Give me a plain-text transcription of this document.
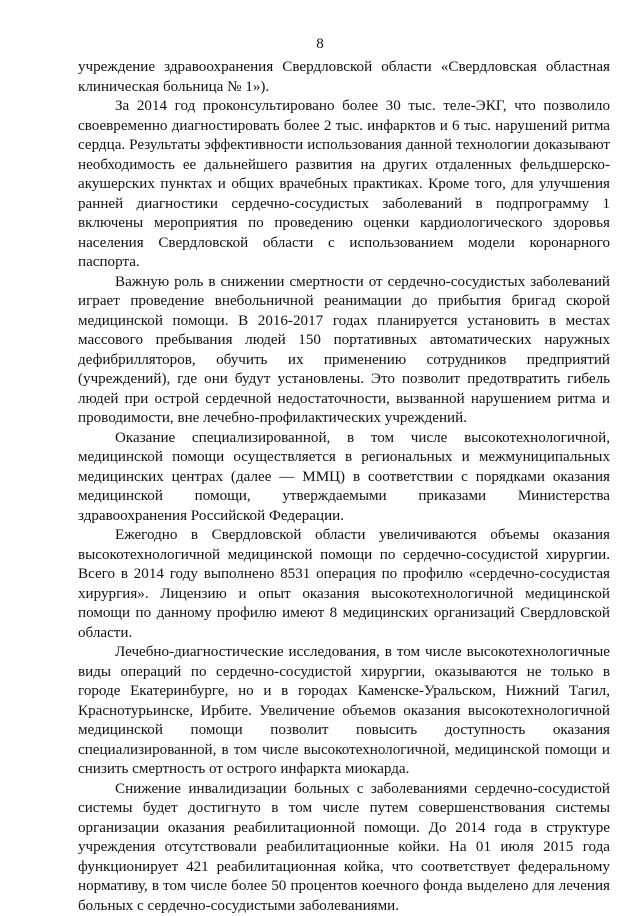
8

учреждение здравоохранения Свердловской области «Свердловская областная клиническая больница № 1»).

За 2014 год проконсультировано более 30 тыс. теле-ЭКГ, что позволило своевременно диагностировать более 2 тыс. инфарктов и 6 тыс. нарушений ритма сердца. Результаты эффективности использования данной технологии доказывают необходимость ее дальнейшего развития на других отдаленных фельдшерско-акушерских пунктах и общих врачебных практиках. Кроме того, для улучшения ранней диагностики сердечно-сосудистых заболеваний в подпрограмму 1 включены мероприятия по проведению оценки кардиологического здоровья населения Свердловской области с использованием модели коронарного паспорта.

Важную роль в снижении смертности от сердечно-сосудистых заболеваний играет проведение внебольничной реанимации до прибытия бригад скорой медицинской помощи. В 2016-2017 годах планируется установить в местах массового пребывания людей 150 портативных автоматических наружных дефибрилляторов, обучить их применению сотрудников предприятий (учреждений), где они будут установлены. Это позволит предотвратить гибель людей при острой сердечной недостаточности, вызванной нарушением ритма и проводимости, вне лечебно-профилактических учреждений.

Оказание специализированной, в том числе высокотехнологичной, медицинской помощи осуществляется в региональных и межмуниципальных медицинских центрах (далее — ММЦ) в соответствии с порядками оказания медицинской помощи, утверждаемыми приказами Министерства здравоохранения Российской Федерации.

Ежегодно в Свердловской области увеличиваются объемы оказания высокотехнологичной медицинской помощи по сердечно-сосудистой хирургии. Всего в 2014 году выполнено 8531 операция по профилю «сердечно-сосудистая хирургия». Лицензию и опыт оказания высокотехнологичной медицинской помощи по данному профилю имеют 8 медицинских организаций Свердловской области.

Лечебно-диагностические исследования, в том числе высокотехнологичные виды операций по сердечно-сосудистой хирургии, оказываются не только в городе Екатеринбурге, но и в городах Каменске-Уральском, Нижний Тагил, Краснотурьинске, Ирбите. Увеличение объемов оказания высокотехнологичной медицинской помощи позволит повысить доступность оказания специализированной, в том числе высокотехнологичной, медицинской помощи и снизить смертность от острого инфаркта миокарда.

Снижение инвалидизации больных с заболеваниями сердечно-сосудистой системы будет достигнуто в том числе путем совершенствования системы организации оказания реабилитационной помощи. До 2014 года в структуре учреждения отсутствовали реабилитационные койки. На 01 июля 2015 года функционирует 421 реабилитационная койка, что соответствует федеральному нормативу, в том числе более 50 процентов коечного фонда выделено для лечения больных с сердечно-сосудистыми заболеваниями.
